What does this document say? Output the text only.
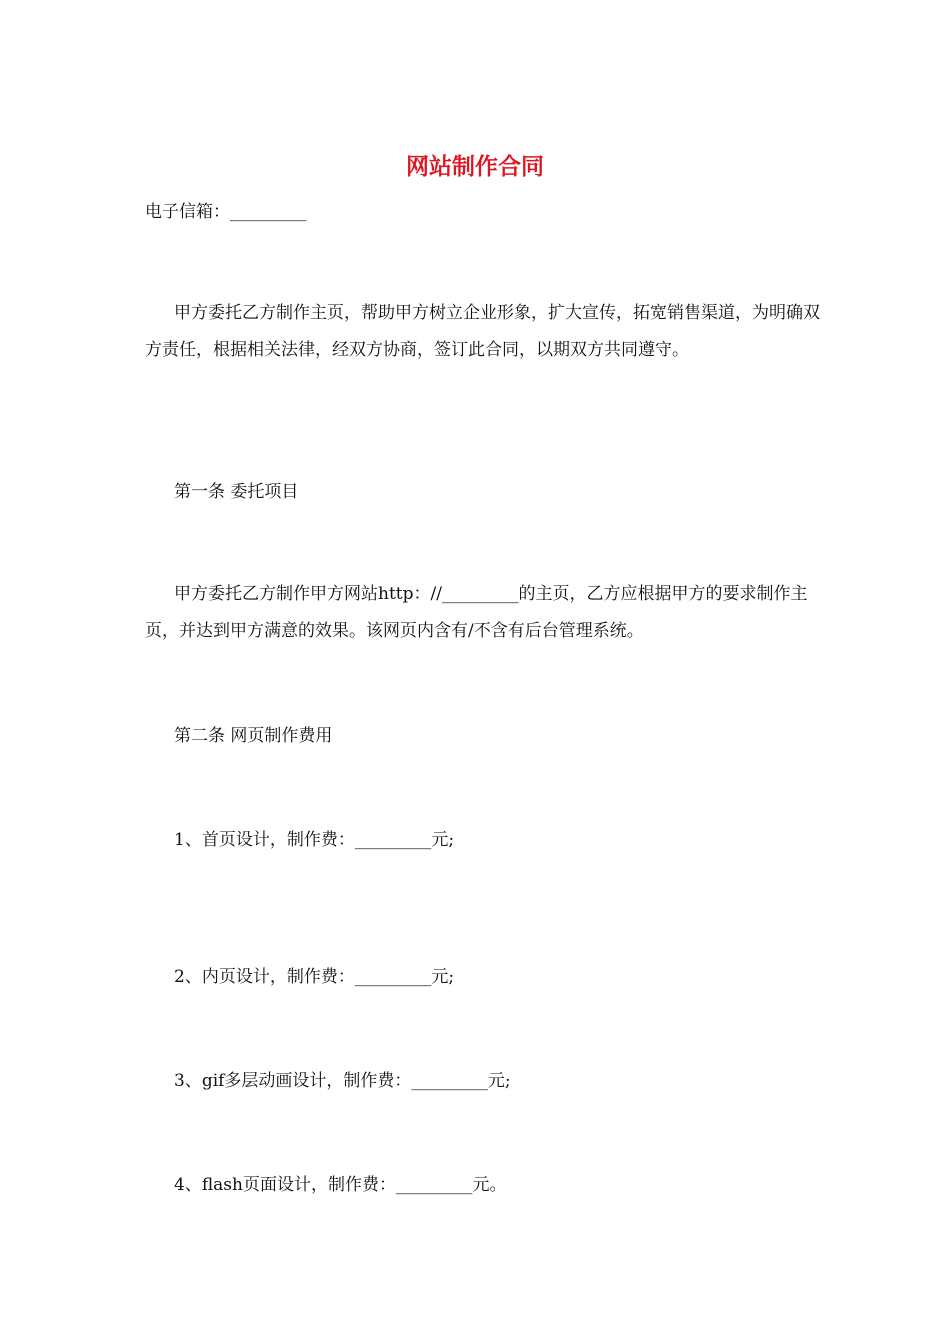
网站制作合同
电子信箱：_________
甲方委托乙方制作主页，帮助甲方树立企业形象，扩大宣传，拓宽销售渠道，为明确双方责任，根据相关法律，经双方协商，签订此合同，以期双方共同遵守。
第一条 委托项目
甲方委托乙方制作甲方网站http：//_________的主页，乙方应根据甲方的要求制作主页，并达到甲方满意的效果。该网页内含有/不含有后台管理系统。
第二条 网页制作费用
1、首页设计，制作费：_________元;
2、内页设计，制作费：_________元;
3、gif多层动画设计，制作费：_________元;
4、flash页面设计，制作费：_________元。
